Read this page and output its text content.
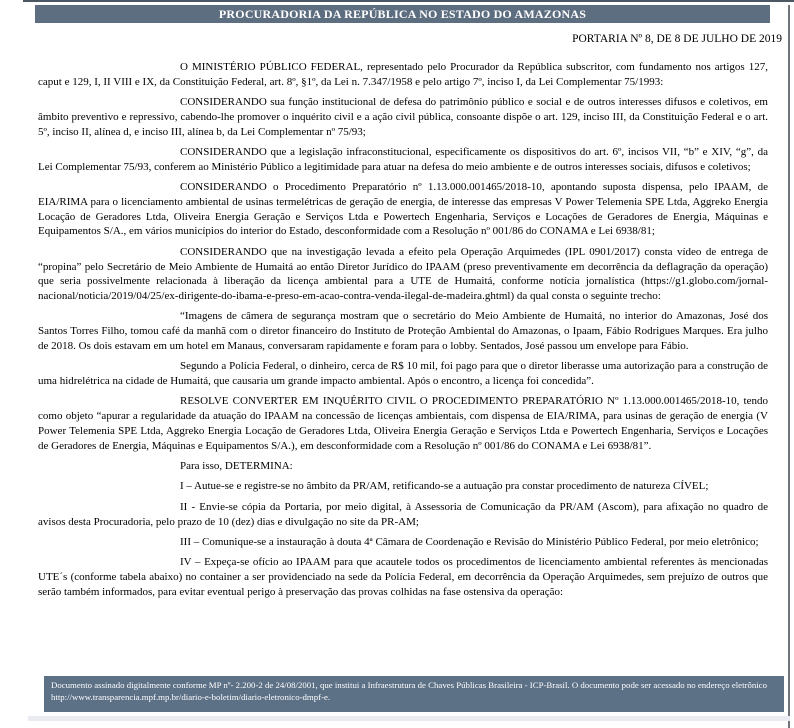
PROCURADORIA DA REPÚBLICA NO ESTADO DO AMAZONAS
PORTARIA Nº 8, DE 8 DE JULHO DE 2019

O MINISTÉRIO PÚBLICO FEDERAL, representado pelo Procurador da República subscritor, com fundamento nos artigos 127, caput e 129, I, II VIII e IX, da Constituição Federal, art. 8º, §1º, da Lei n. 7.347/1958 e pelo artigo 7º, inciso I, da Lei Complementar 75/1993:

CONSIDERANDO sua função institucional de defesa do patrimônio público e social e de outros interesses difusos e coletivos, em âmbito preventivo e repressivo, cabendo-lhe promover o inquérito civil e a ação civil pública, consoante dispõe o art. 129, inciso III, da Constituição Federal e o art. 5º, inciso II, alínea d, e inciso III, alínea b, da Lei Complementar nº 75/93;

CONSIDERANDO que a legislação infraconstitucional, especificamente os dispositivos do art. 6º, incisos VII, “b” e XIV, “g”, da Lei Complementar 75/93, conferem ao Ministério Público a legitimidade para atuar na defesa do meio ambiente e de outros interesses sociais, difusos e coletivos;

CONSIDERANDO o Procedimento Preparatório nº 1.13.000.001465/2018-10, apontando suposta dispensa, pelo IPAAM, de EIA/RIMA para o licenciamento ambiental de usinas termelétricas de geração de energia, de interesse das empresas V Power Telemenia SPE Ltda, Aggreko Energia Locação de Geradores Ltda, Oliveira Energia Geração e Serviços Ltda e Powertech Engenharia, Serviços e Locações de Geradores de Energia, Máquinas e Equipamentos S/A., em vários municípios do interior do Estado, desconformidade com a Resolução nº 001/86 do CONAMA e Lei 6938/81;

CONSIDERANDO que na investigação levada a efeito pela Operação Arquimedes (IPL 0901/2017) consta vídeo de entrega de “propina” pelo Secretário de Meio Ambiente de Humaitá ao então Diretor Jurídico do IPAAM (preso preventivamente em decorrência da deflagração da operação) que seria possivelmente relacionada à liberação da licença ambiental para a UTE de Humaitá, conforme notícia jornalística (https://g1.globo.com/jornal-nacional/noticia/2019/04/25/ex-dirigente-do-ibama-e-preso-em-acao-contra-venda-ilegal-de-madeira.ghtml) da qual consta o seguinte trecho:

“Imagens de câmera de segurança mostram que o secretário do Meio Ambiente de Humaitá, no interior do Amazonas, José dos Santos Torres Filho, tomou café da manhã com o diretor financeiro do Instituto de Proteção Ambiental do Amazonas, o Ipaam, Fábio Rodrigues Marques. Era julho de 2018. Os dois estavam em um hotel em Manaus, conversaram rapidamente e foram para o lobby. Sentados, José passou um envelope para Fábio.

Segundo a Polícia Federal, o dinheiro, cerca de R$ 10 mil, foi pago para que o diretor liberasse uma autorização para a construção de uma hidrelétrica na cidade de Humaitá, que causaria um grande impacto ambiental. Após o encontro, a licença foi concedida”.

RESOLVE CONVERTER EM INQUÉRITO CIVIL O PROCEDIMENTO PREPARATÓRIO Nº 1.13.000.001465/2018-10, tendo como objeto “apurar a regularidade da atuação do IPAAM na concessão de licenças ambientais, com dispensa de EIA/RIMA, para usinas de geração de energia (V Power Telemenia SPE Ltda, Aggreko Energia Locação de Geradores Ltda, Oliveira Energia Geração e Serviços Ltda e Powertech Engenharia, Serviços e Locações de Geradores de Energia, Máquinas e Equipamentos S/A.), em desconformidade com a Resolução nº 001/86 do CONAMA e Lei 6938/81”.

Para isso, DETERMINA:

I – Autue-se e registre-se no âmbito da PR/AM, retificando-se a autuação pra constar procedimento de natureza CÍVEL;

II - Envie-se cópia da Portaria, por meio digital, à Assessoria de Comunicação da PR/AM (Ascom), para afixação no quadro de avisos desta Procuradoria, pelo prazo de 10 (dez) dias e divulgação no site da PR-AM;

III – Comunique-se a instauração à douta 4ª Câmara de Coordenação e Revisão do Ministério Público Federal, por meio eletrônico;

IV – Expeça-se ofício ao IPAAM para que acautele todos os procedimentos de licenciamento ambiental referentes às mencionadas UTE´s (conforme tabela abaixo) no container a ser providenciado na sede da Polícia Federal, em decorrência da Operação Arquimedes, sem prejuízo de outros que serão também informados, para evitar eventual perigo à preservação das provas colhidas na fase ostensiva da operação:

Documento assinado digitalmente conforme MP nº- 2.200-2 de 24/08/2001, que institui a Infraestrutura de Chaves Públicas Brasileira - ICP-Brasil. O documento pode ser acessado no endereço eletrônico http://www.transparencia.mpf.mp.br/diario-e-boletim/diario-eletronico-dmpf-e.
